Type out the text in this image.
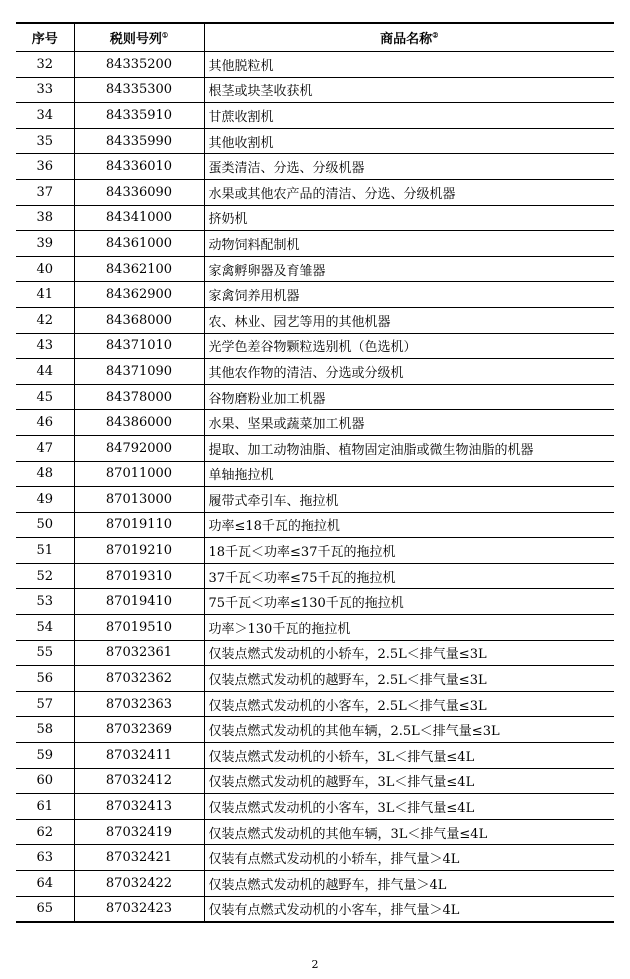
序号	税则号列①	商品名称②
32	84335200	其他脱粒机
33	84335300	根茎或块茎收获机
34	84335910	甘蔗收割机
35	84335990	其他收割机
36	84336010	蛋类清洁、分选、分级机器
37	84336090	水果或其他农产品的清洁、分选、分级机器
38	84341000	挤奶机
39	84361000	动物饲料配制机
40	84362100	家禽孵卵器及育雏器
41	84362900	家禽饲养用机器
42	84368000	农、林业、园艺等用的其他机器
43	84371010	光学色差谷物颗粒选别机（色选机）
44	84371090	其他农作物的清洁、分选或分级机
45	84378000	谷物磨粉业加工机器
46	84386000	水果、坚果或蔬菜加工机器
47	84792000	提取、加工动物油脂、植物固定油脂或微生物油脂的机器
48	87011000	单轴拖拉机
49	87013000	履带式牵引车、拖拉机
50	87019110	功率≤18千瓦的拖拉机
51	87019210	18千瓦＜功率≤37千瓦的拖拉机
52	87019310	37千瓦＜功率≤75千瓦的拖拉机
53	87019410	75千瓦＜功率≤130千瓦的拖拉机
54	87019510	功率＞130千瓦的拖拉机
55	87032361	仅装点燃式发动机的小轿车，2.5L＜排气量≤3L
56	87032362	仅装点燃式发动机的越野车，2.5L＜排气量≤3L
57	87032363	仅装点燃式发动机的小客车，2.5L＜排气量≤3L
58	87032369	仅装点燃式发动机的其他车辆，2.5L＜排气量≤3L
59	87032411	仅装点燃式发动机的小轿车，3L＜排气量≤4L
60	87032412	仅装点燃式发动机的越野车，3L＜排气量≤4L
61	87032413	仅装点燃式发动机的小客车，3L＜排气量≤4L
62	87032419	仅装点燃式发动机的其他车辆，3L＜排气量≤4L
63	87032421	仅装有点燃式发动机的小轿车，排气量＞4L
64	87032422	仅装点燃式发动机的越野车，排气量＞4L
65	87032423	仅装有点燃式发动机的小客车，排气量＞4L
2
